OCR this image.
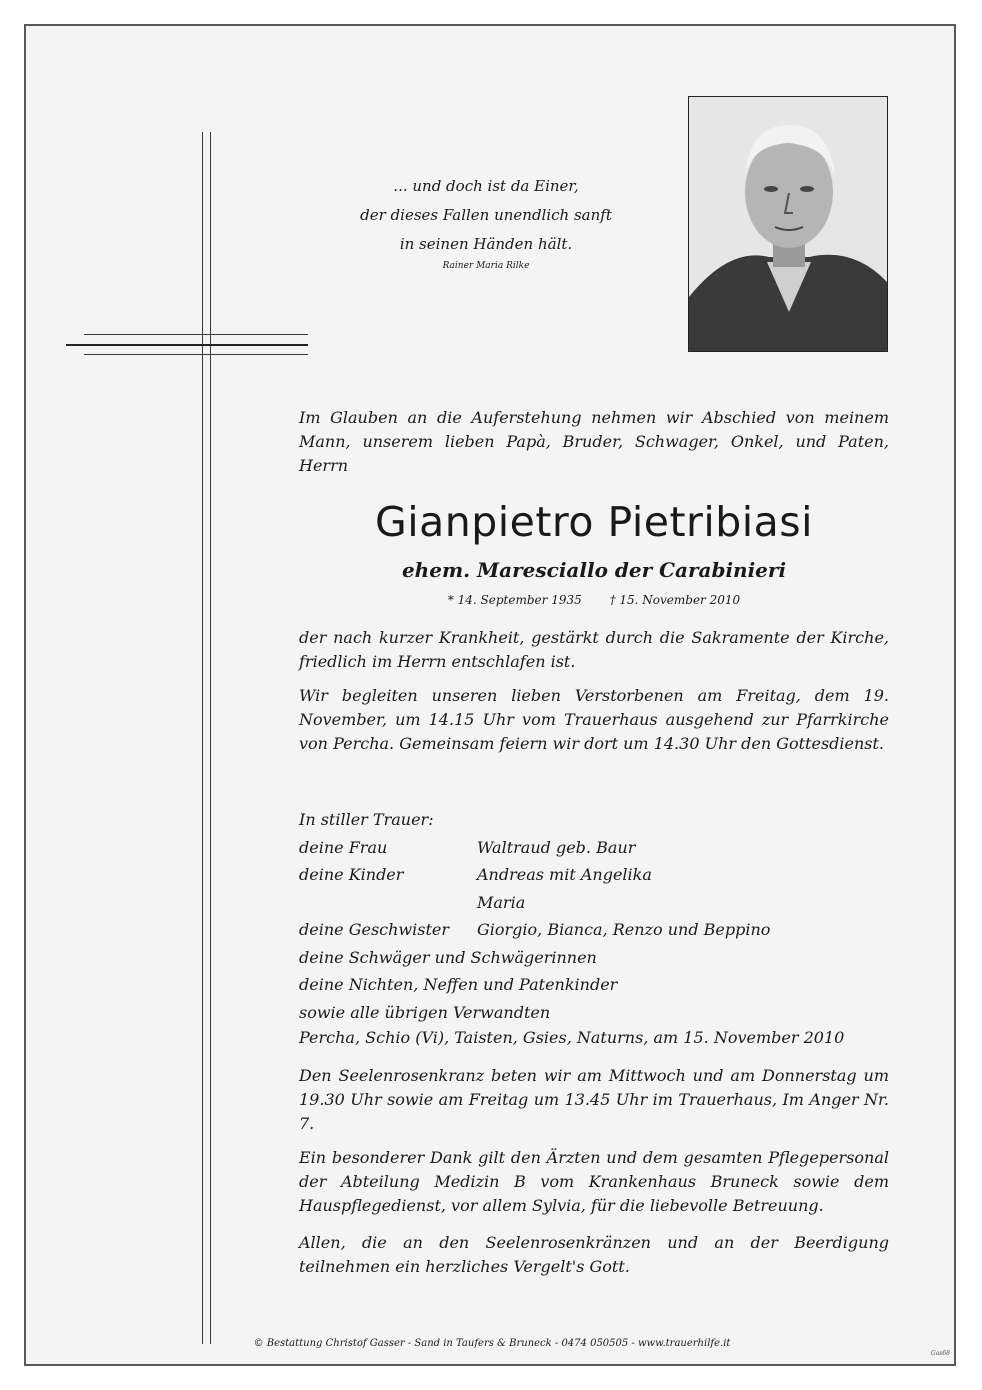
... und doch ist da Einer,
der dieses Fallen unendlich sanft
in seinen Händen hält.
Rainer Maria Rilke
Im Glauben an die Auferstehung nehmen wir Abschied von meinem Mann, unserem lieben Papà, Bruder, Schwager, Onkel, und Paten, Herrn
Gianpietro Pietribiasi
ehem. Maresciallo der Carabinieri
* 14. September 1935 † 15. November 2010
der nach kurzer Krankheit, gestärkt durch die Sakramente der Kirche, friedlich im Herrn entschlafen ist.
Wir begleiten unseren lieben Verstorbenen am Freitag, dem 19. November, um 14.15 Uhr vom Trauerhaus ausgehend zur Pfarrkirche von Percha. Gemeinsam feiern wir dort um 14.30 Uhr den Gottesdienst.
In stiller Trauer:
deine Frau	Waltraud geb. Baur
deine Kinder	Andreas mit Angelika
Maria
deine Geschwister	Giorgio, Bianca, Renzo und Beppino
deine Schwäger und Schwägerinnen
deine Nichten, Neffen und Patenkinder
sowie alle übrigen Verwandten
Percha, Schio (Vi), Taisten, Gsies, Naturns, am 15. November 2010
Den Seelenrosenkranz beten wir am Mittwoch und am Donnerstag um 19.30 Uhr sowie am Freitag um 13.45 Uhr im Trauerhaus, Im Anger Nr. 7.
Ein besonderer Dank gilt den Ärzten und dem gesamten Pflegepersonal der Abteilung Medizin B vom Krankenhaus Bruneck sowie dem Hauspflegedienst, vor allem Sylvia, für die liebevolle Betreuung.
Allen, die an den Seelenrosenkränzen und an der Beerdigung teilnehmen ein herzliches Vergelt's Gott.
© Bestattung Christof Gasser - Sand in Taufers & Bruneck - 0474 050505 - www.trauerhilfe.it
Gas68
